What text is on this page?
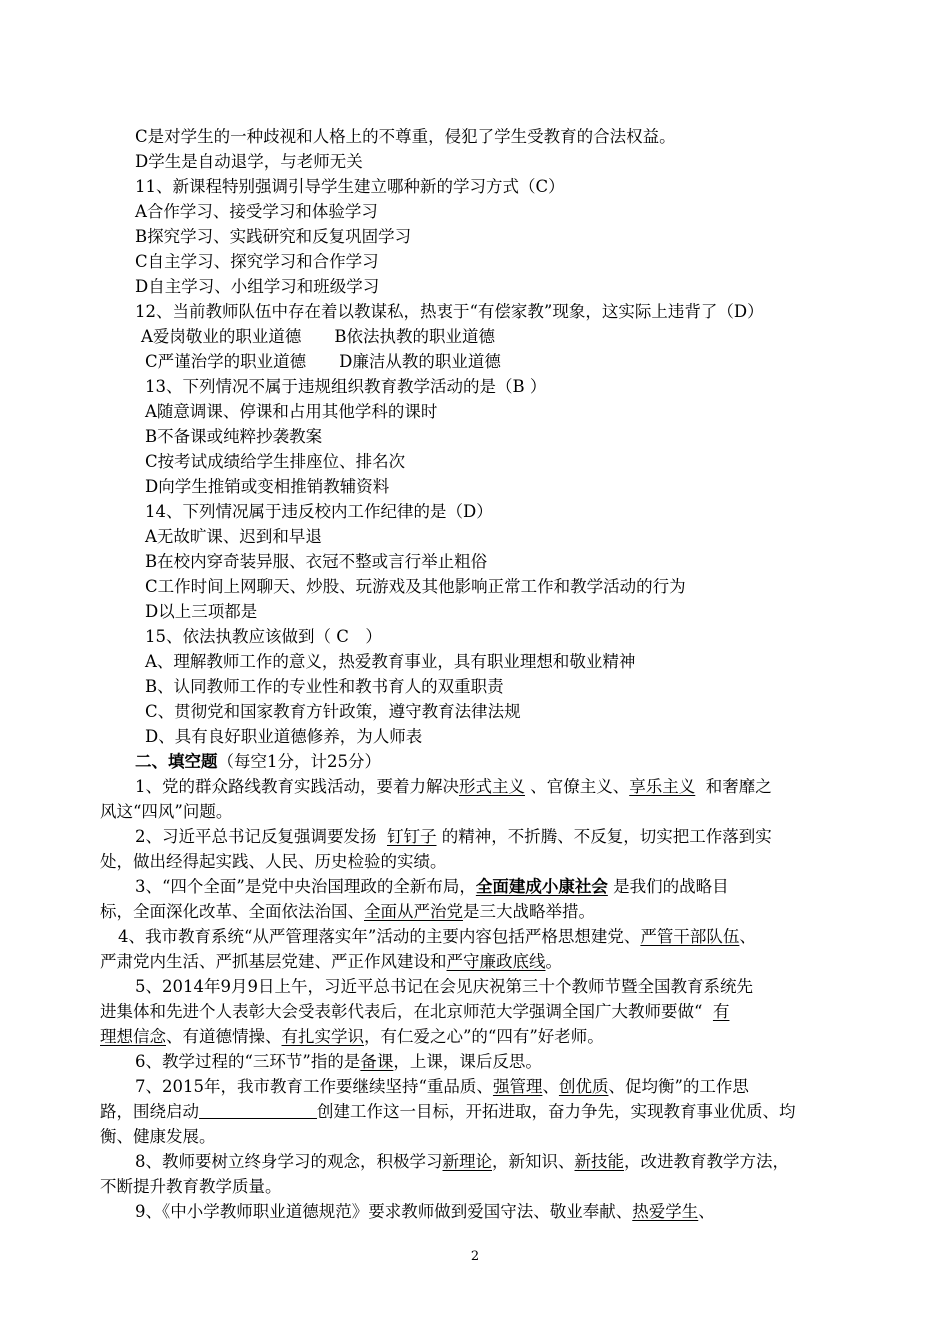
C是对学生的一种歧视和人格上的不尊重，侵犯了学生受教育的合法权益。
D学生是自动退学，与老师无关
11、新课程特别强调引导学生建立哪种新的学习方式（C）
A合作学习、接受学习和体验学习
B探究学习、实践研究和反复巩固学习
C自主学习、探究学习和合作学习
D自主学习、小组学习和班级学习
12、当前教师队伍中存在着以教谋私，热衷于“有偿家教”现象，这实际上违背了（D）
A爱岗敬业的职业道德　　B依法执教的职业道德
C严谨治学的职业道德　　D廉洁从教的职业道德
13、下列情况不属于违规组织教育教学活动的是（B ）
A随意调课、停课和占用其他学科的课时
B不备课或纯粹抄袭教案
C按考试成绩给学生排座位、排名次
D向学生推销或变相推销教辅资料
14、下列情况属于违反校内工作纪律的是（D）
A无故旷课、迟到和早退
B在校内穿奇装异服、衣冠不整或言行举止粗俗
C工作时间上网聊天、炒股、玩游戏及其他影响正常工作和教学活动的行为
D以上三项都是
15、依法执教应该做到（ C　）
A、理解教师工作的意义，热爱教育事业，具有职业理想和敬业精神
B、认同教师工作的专业性和教书育人的双重职责
C、贯彻党和国家教育方针政策，遵守教育法律法规
D、具有良好职业道德修养，为人师表
二、填空题（每空1分，计25分）
1、党的群众路线教育实践活动，要着力解决形式主义 、官僚主义、享乐主义 和奢靡之
风这“四风”问题。
2、习近平总书记反复强调要发扬 钉钉子 的精神，不折腾、不反复，切实把工作落到实
处，做出经得起实践、人民、历史检验的实绩。
3、“四个全面”是党中央治国理政的全新布局，全面建成小康社会 是我们的战略目
标，全面深化改革、全面依法治国、全面从严治党是三大战略举措。
4、我市教育系统“从严管理落实年”活动的主要内容包括严格思想建党、严管干部队伍、
严肃党内生活、严抓基层党建、严正作风建设和严守廉政底线。
5、2014年9月9日上午，习近平总书记在会见庆祝第三十个教师节暨全国教育系统先
进集体和先进个人表彰大会受表彰代表后，在北京师范大学强调全国广大教师要做“ 有
理想信念、有道德情操、有扎实学识，有仁爱之心”的“四有”好老师。
6、教学过程的“三环节”指的是备课，上课，课后反思。
7、2015年，我市教育工作要继续坚持“重品质、强管理、创优质、促均衡”的工作思
路，围绕启动	创建工作这一目标，开拓进取，奋力争先，实现教育事业优质、均
衡、健康发展。
8、教师要树立终身学习的观念，积极学习新理论，新知识、新技能，改进教育教学方法，
不断提升教育教学质量。
9、《中小学教师职业道德规范》要求教师做到爱国守法、敬业奉献、热爱学生、
2
